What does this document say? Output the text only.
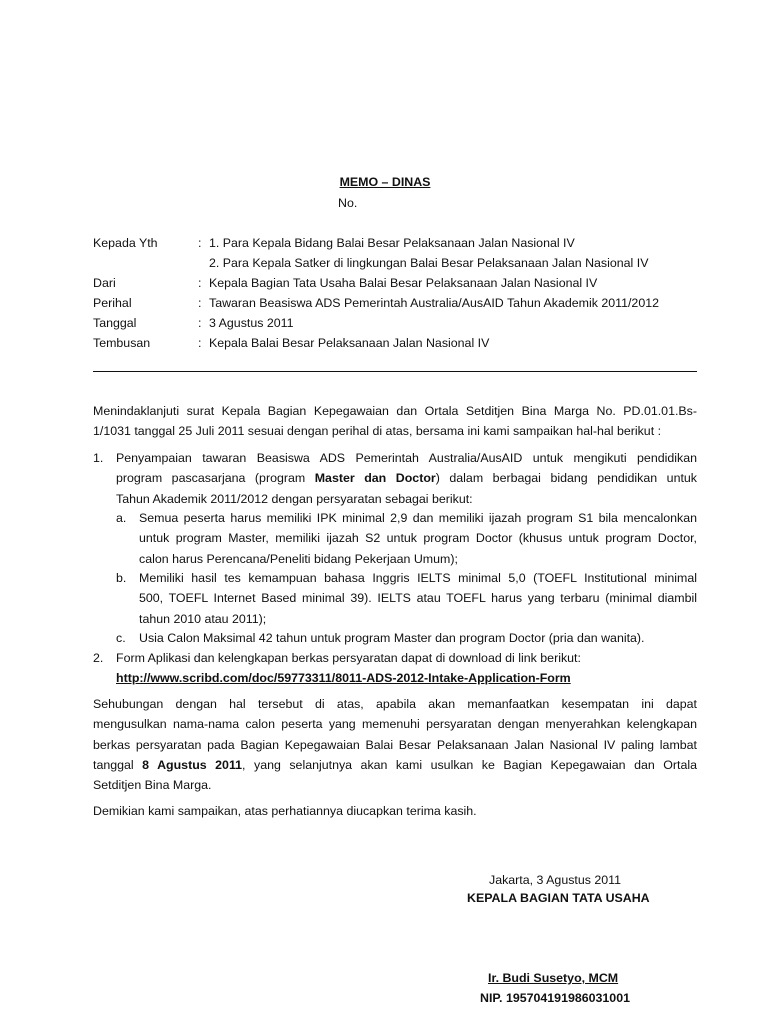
MEMO – DINAS
No.
Kepada Yth	: 1. Para Kepala Bidang Balai Besar Pelaksanaan Jalan Nasional IV
2. Para Kepala Satker di lingkungan Balai Besar Pelaksanaan Jalan Nasional IV
Dari	: Kepala Bagian Tata Usaha Balai Besar Pelaksanaan Jalan Nasional IV
Perihal	: Tawaran Beasiswa ADS Pemerintah Australia/AusAID Tahun Akademik 2011/2012
Tanggal	: 3 Agustus 2011
Tembusan	: Kepala Balai Besar Pelaksanaan Jalan Nasional IV
Menindaklanjuti surat Kepala Bagian Kepegawaian dan Ortala Setditjen Bina Marga No. PD.01.01.Bs-
1/1031 tanggal 25 Juli 2011 sesuai dengan perihal di atas, bersama ini kami sampaikan hal-hal berikut :
1.	Penyampaian tawaran Beasiswa ADS Pemerintah Australia/AusAID untuk mengikuti pendidikan
program pascasarjana (program Master dan Doctor) dalam berbagai bidang pendidikan untuk
Tahun Akademik 2011/2012 dengan persyaratan sebagai berikut:
a.	Semua peserta harus memiliki IPK minimal 2,9 dan memiliki ijazah program S1 bila mencalonkan
untuk program Master, memiliki ijazah S2 untuk program Doctor (khusus untuk program Doctor,
calon harus Perencana/Peneliti bidang Pekerjaan Umum);
b.	Memiliki hasil tes kemampuan bahasa Inggris IELTS minimal 5,0 (TOEFL Institutional minimal
500, TOEFL Internet Based minimal 39). IELTS atau TOEFL harus yang terbaru (minimal diambil
tahun 2010 atau 2011);
c.	Usia Calon Maksimal 42 tahun untuk program Master dan program Doctor (pria dan wanita).
2.	Form Aplikasi dan kelengkapan berkas persyaratan dapat di download di link berikut:
http://www.scribd.com/doc/59773311/8011-ADS-2012-Intake-Application-Form
Sehubungan dengan hal tersebut di atas, apabila akan memanfaatkan kesempatan ini dapat
mengusulkan nama-nama calon peserta yang memenuhi persyaratan dengan menyerahkan kelengkapan
berkas persyaratan pada Bagian Kepegawaian Balai Besar Pelaksanaan Jalan Nasional IV paling lambat
tanggal 8 Agustus 2011, yang selanjutnya akan kami usulkan ke Bagian Kepegawaian dan Ortala
Setditjen Bina Marga.
Demikian kami sampaikan, atas perhatiannya diucapkan terima kasih.
Jakarta, 3 Agustus 2011
KEPALA BAGIAN TATA USAHA
Ir. Budi Susetyo, MCM
NIP. 195704191986031001
